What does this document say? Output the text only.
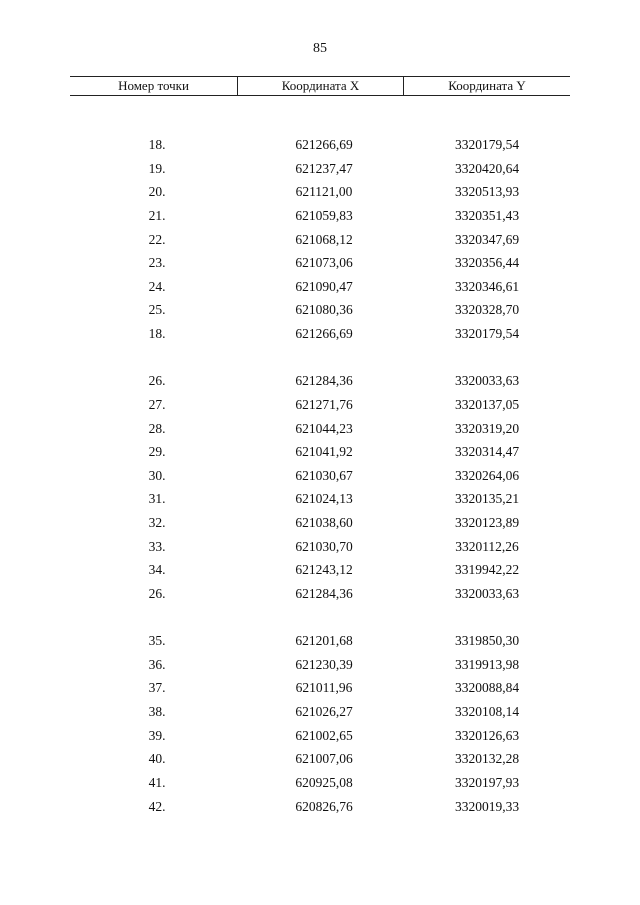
85
Номер точки	Координата X	Координата Y
18.	621266,69	3320179,54
19.	621237,47	3320420,64
20.	621121,00	3320513,93
21.	621059,83	3320351,43
22.	621068,12	3320347,69
23.	621073,06	3320356,44
24.	621090,47	3320346,61
25.	621080,36	3320328,70
18.	621266,69	3320179,54
26.	621284,36	3320033,63
27.	621271,76	3320137,05
28.	621044,23	3320319,20
29.	621041,92	3320314,47
30.	621030,67	3320264,06
31.	621024,13	3320135,21
32.	621038,60	3320123,89
33.	621030,70	3320112,26
34.	621243,12	3319942,22
26.	621284,36	3320033,63
35.	621201,68	3319850,30
36.	621230,39	3319913,98
37.	621011,96	3320088,84
38.	621026,27	3320108,14
39.	621002,65	3320126,63
40.	621007,06	3320132,28
41.	620925,08	3320197,93
42.	620826,76	3320019,33
